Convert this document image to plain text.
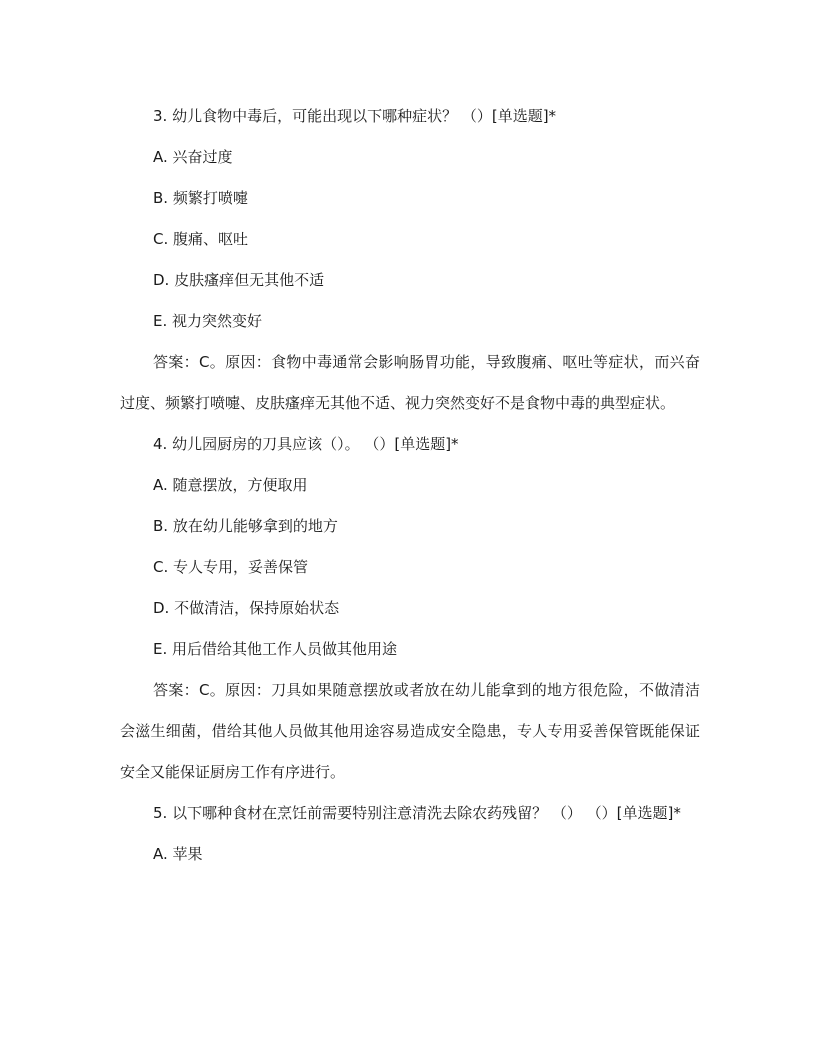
3. 幼儿食物中毒后，可能出现以下哪种症状？ （）[单选题]*
A. 兴奋过度
B. 频繁打喷嚏
C. 腹痛、呕吐
D. 皮肤瘙痒但无其他不适
E. 视力突然变好

答案：C。原因：食物中毒通常会影响肠胃功能，导致腹痛、呕吐等症状，而兴奋过度、频繁打喷嚏、皮肤瘙痒无其他不适、视力突然变好不是食物中毒的典型症状。

4. 幼儿园厨房的刀具应该（）。 （）[单选题]*
A. 随意摆放，方便取用
B. 放在幼儿能够拿到的地方
C. 专人专用，妥善保管
D. 不做清洁，保持原始状态
E. 用后借给其他工作人员做其他用途

答案：C。原因：刀具如果随意摆放或者放在幼儿能拿到的地方很危险，不做清洁会滋生细菌，借给其他人员做其他用途容易造成安全隐患，专人专用妥善保管既能保证安全又能保证厨房工作有序进行。

5. 以下哪种食材在烹饪前需要特别注意清洗去除农药残留？ （） （）[单选题]*

A. 苹果
